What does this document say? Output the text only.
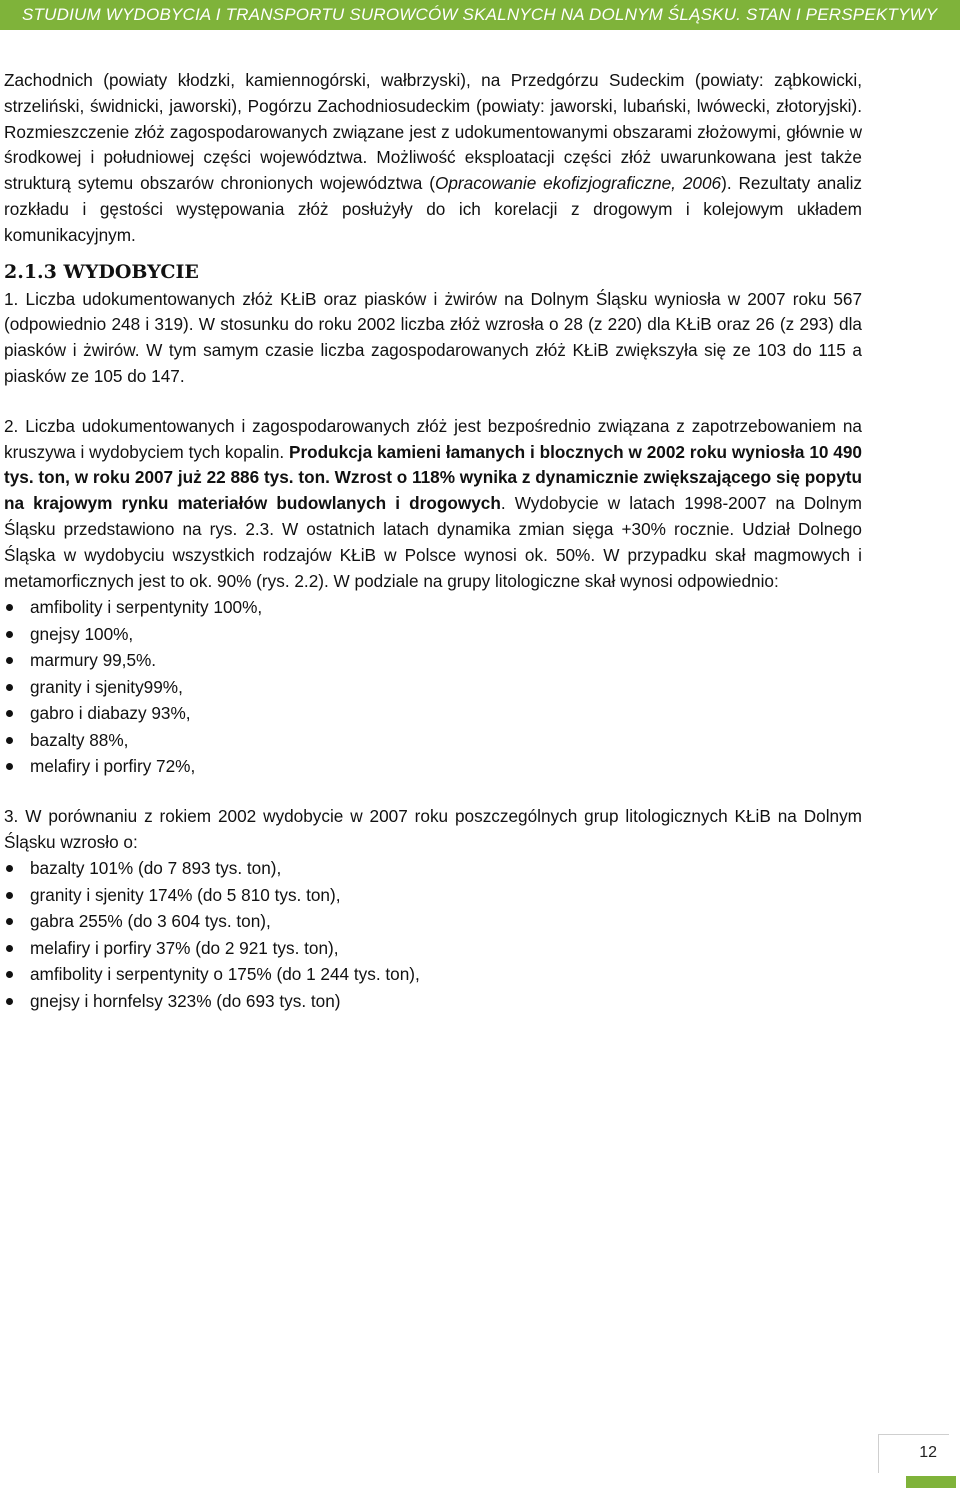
STUDIUM WYDOBYCIA I TRANSPORTU SUROWCÓW SKALNYCH NA DOLNYM ŚLĄSKU. STAN I PERSPEKTYWY

Zachodnich (powiaty kłodzki, kamiennogórski, wałbrzyski), na Przedgórzu Sudeckim (powiaty: ząbkowicki, strzeliński, świdnicki, jaworski), Pogórzu Zachodniosudeckim (powiaty: jaworski, lubański, lwówecki, złotoryjski). Rozmieszczenie złóż zagospodarowanych związane jest z udokumentowanymi obszarami złożowymi, głównie w środkowej i południowej części województwa. Możliwość eksploatacji części złóż uwarunkowana jest także strukturą sytemu obszarów chronionych województwa (Opracowanie ekofizjograficzne, 2006). Rezultaty analiz rozkładu i gęstości występowania złóż posłużyły do ich korelacji z drogowym i kolejowym układem komunikacyjnym.

2.1.3 WYDOBYCIE

1. Liczba udokumentowanych złóż KŁiB oraz piasków i żwirów na Dolnym Śląsku wyniosła w 2007 roku 567 (odpowiednio 248 i 319). W stosunku do roku 2002 liczba złóż wzrosła o 28 (z 220) dla KŁiB oraz 26 (z 293) dla piasków i żwirów. W tym samym czasie liczba zagospodarowanych złóż KŁiB zwiększyła się ze 103 do 115 a piasków ze 105 do 147.

2. Liczba udokumentowanych i zagospodarowanych złóż jest bezpośrednio związana z zapotrzebowaniem na kruszywa i wydobyciem tych kopalin. Produkcja kamieni łamanych i blocznych w 2002 roku wyniosła 10 490 tys. ton, w roku 2007 już 22 886 tys. ton. Wzrost o 118% wynika z dynamicznie zwiększającego się popytu na krajowym rynku materiałów budowlanych i drogowych. Wydobycie w latach 1998-2007 na Dolnym Śląsku przedstawiono na rys. 2.3. W ostatnich latach dynamika zmian sięga +30% rocznie. Udział Dolnego Śląska w wydobyciu wszystkich rodzajów KŁiB w Polsce wynosi ok. 50%. W przypadku skał magmowych i metamorficznych jest to ok. 90% (rys. 2.2). W podziale na grupy litologiczne skał wynosi odpowiednio:

amfibolity i serpentynity 100%,
gnejsy 100%,
marmury 99,5%.
granity i sjenity99%,
gabro i diabazy 93%,
bazalty 88%,
melafiry i porfiry 72%,

3. W porównaniu z rokiem 2002 wydobycie w 2007 roku poszczególnych grup litologicznych KŁiB na Dolnym Śląsku wzrosło o:

bazalty 101% (do 7 893 tys. ton),
granity i sjenity 174% (do 5 810 tys. ton),
gabra 255% (do 3 604 tys. ton),
melafiry i porfiry 37% (do 2 921 tys. ton),
amfibolity i serpentynity o 175% (do 1 244 tys. ton),
gnejsy i hornfelsy 323% (do 693 tys. ton)
12
